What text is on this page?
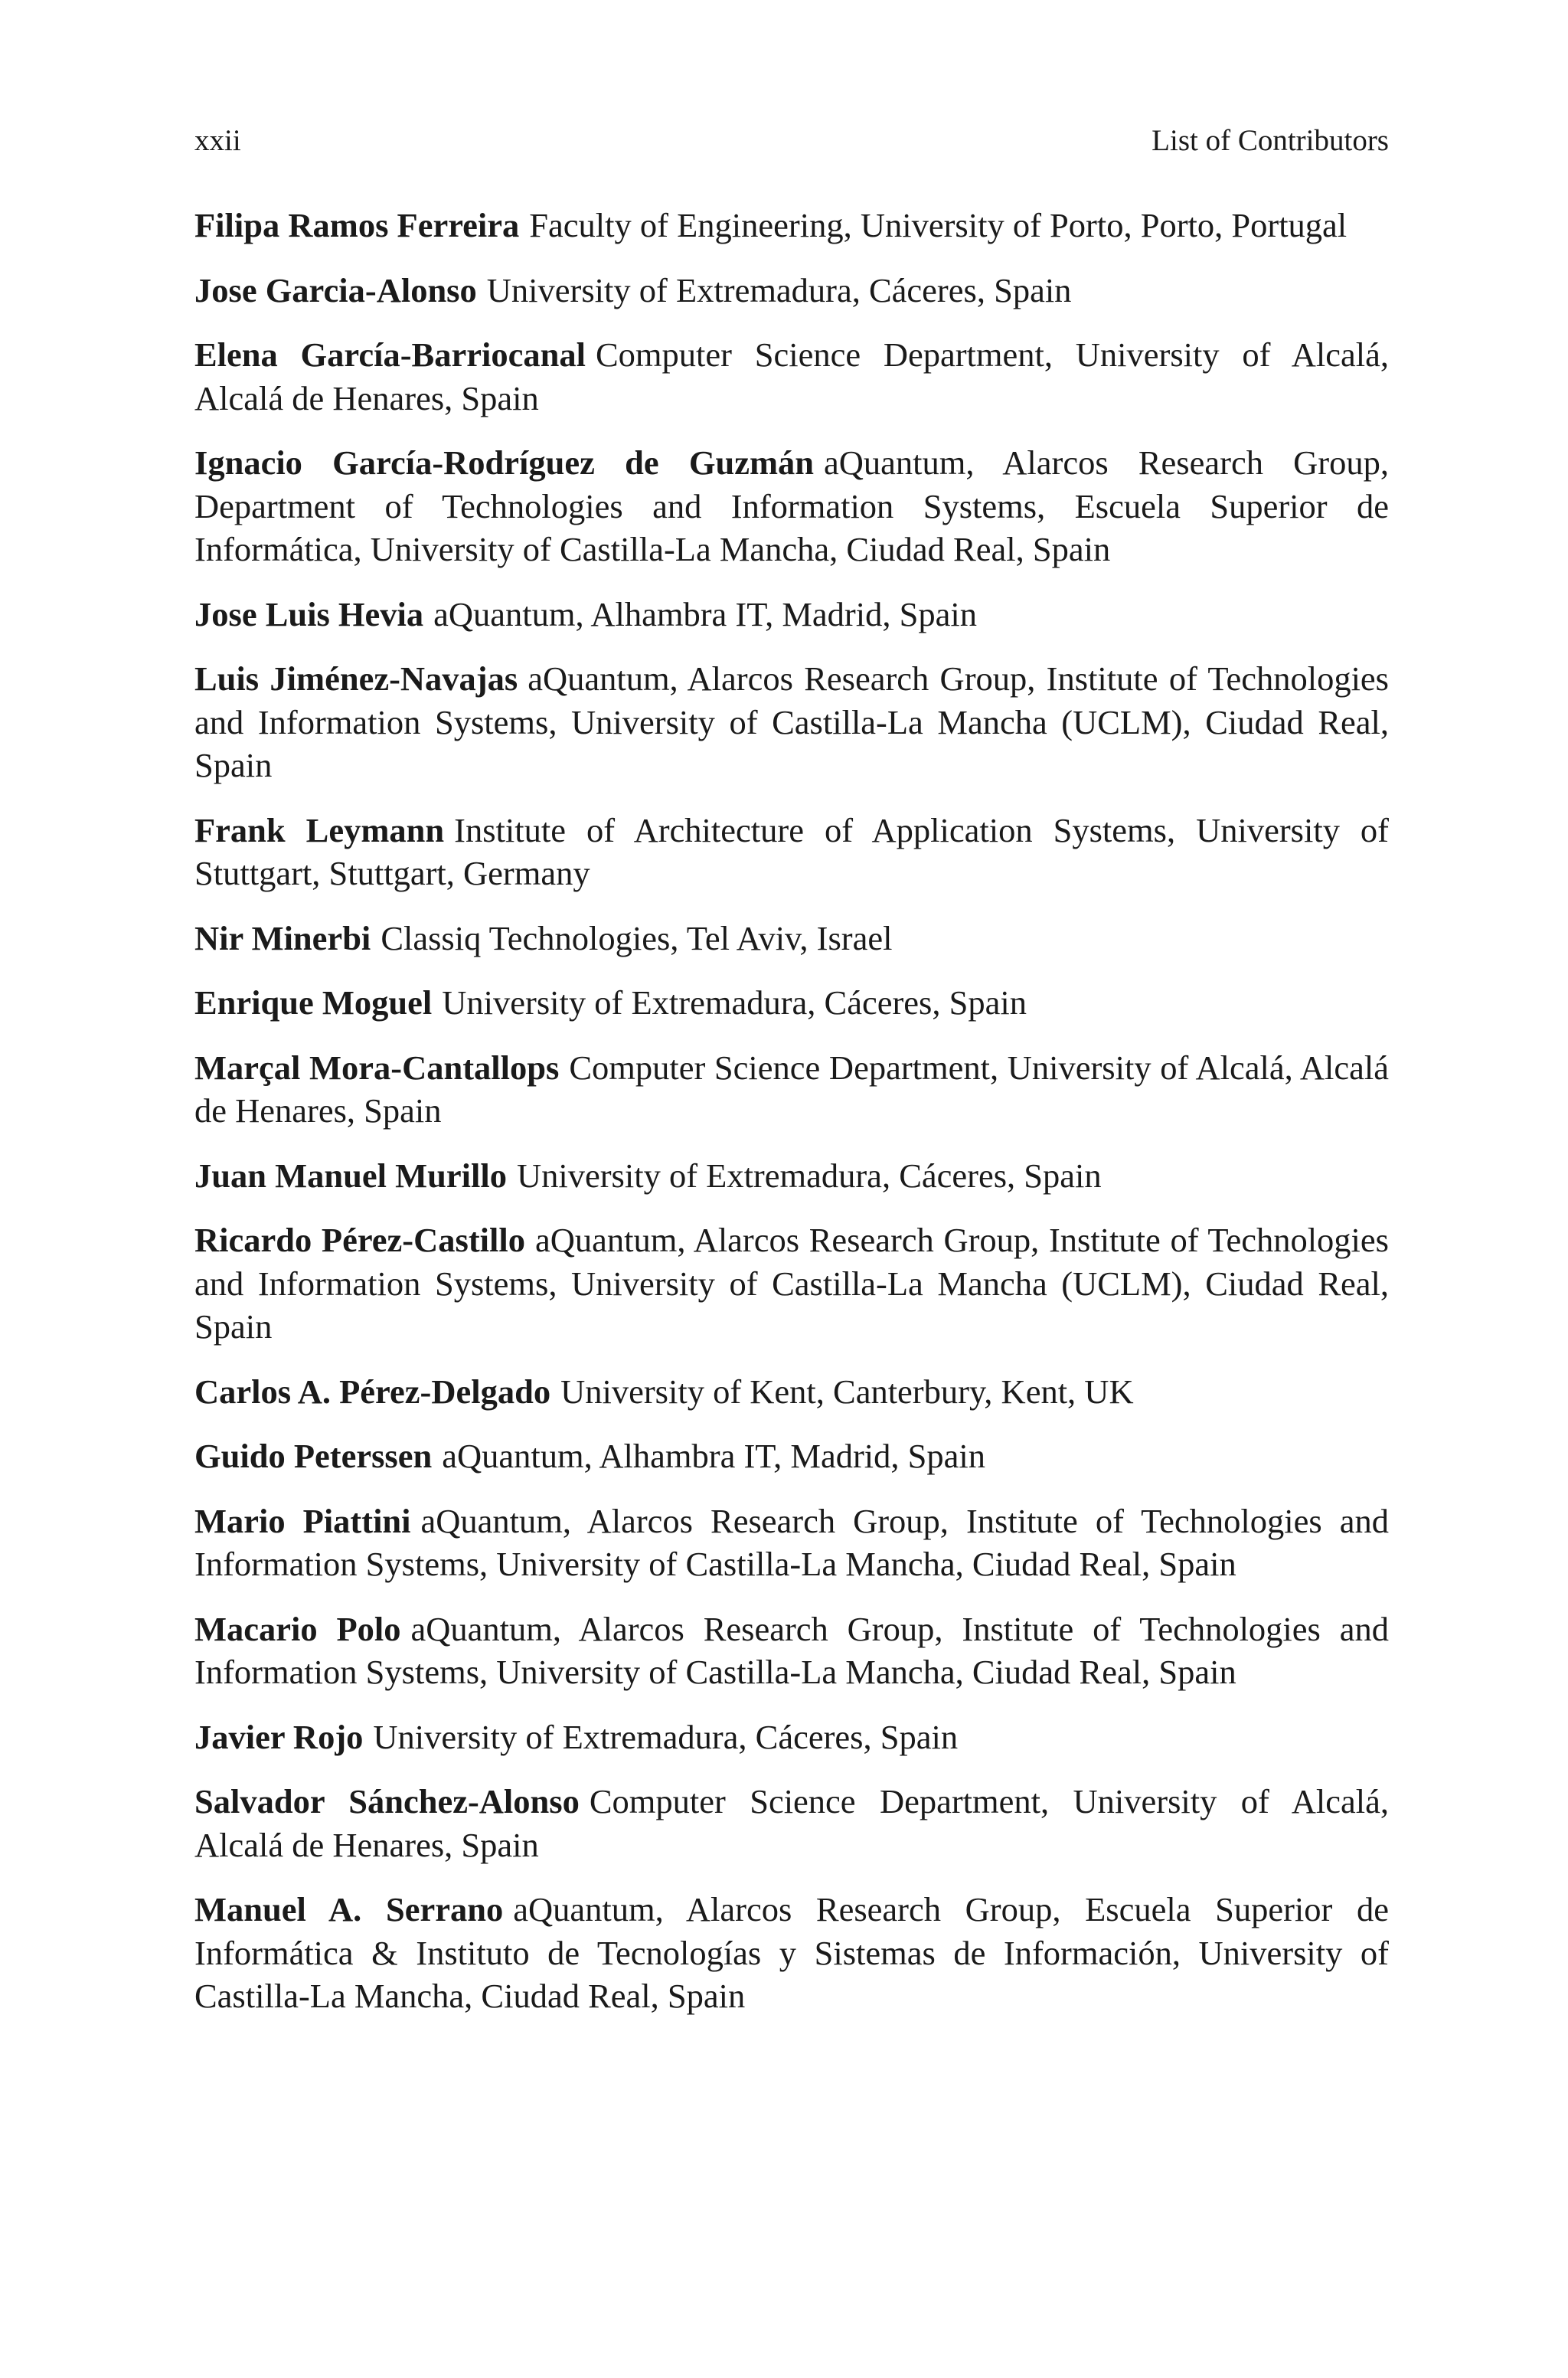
xxii	List of Contributors

Filipa Ramos Ferreira Faculty of Engineering, University of Porto, Porto, Portugal

Jose Garcia-Alonso University of Extremadura, Cáceres, Spain

Elena García-Barriocanal Computer Science Department, University of Alcalá, Alcalá de Henares, Spain

Ignacio García-Rodríguez de Guzmán aQuantum, Alarcos Research Group, Department of Technologies and Information Systems, Escuela Superior de Informática, University of Castilla-La Mancha, Ciudad Real, Spain

Jose Luis Hevia aQuantum, Alhambra IT, Madrid, Spain

Luis Jiménez-Navajas aQuantum, Alarcos Research Group, Institute of Technologies and Information Systems, University of Castilla-La Mancha (UCLM), Ciudad Real, Spain

Frank Leymann Institute of Architecture of Application Systems, University of Stuttgart, Stuttgart, Germany

Nir Minerbi Classiq Technologies, Tel Aviv, Israel

Enrique Moguel University of Extremadura, Cáceres, Spain

Marçal Mora-Cantallops Computer Science Department, University of Alcalá, Alcalá de Henares, Spain

Juan Manuel Murillo University of Extremadura, Cáceres, Spain

Ricardo Pérez-Castillo aQuantum, Alarcos Research Group, Institute of Technologies and Information Systems, University of Castilla-La Mancha (UCLM), Ciudad Real, Spain

Carlos A. Pérez-Delgado University of Kent, Canterbury, Kent, UK

Guido Peterssen aQuantum, Alhambra IT, Madrid, Spain

Mario Piattini aQuantum, Alarcos Research Group, Institute of Technologies and Information Systems, University of Castilla-La Mancha, Ciudad Real, Spain

Macario Polo aQuantum, Alarcos Research Group, Institute of Technologies and Information Systems, University of Castilla-La Mancha, Ciudad Real, Spain

Javier Rojo University of Extremadura, Cáceres, Spain

Salvador Sánchez-Alonso Computer Science Department, University of Alcalá, Alcalá de Henares, Spain

Manuel A. Serrano aQuantum, Alarcos Research Group, Escuela Superior de Informática & Instituto de Tecnologías y Sistemas de Información, University of Castilla-La Mancha, Ciudad Real, Spain
